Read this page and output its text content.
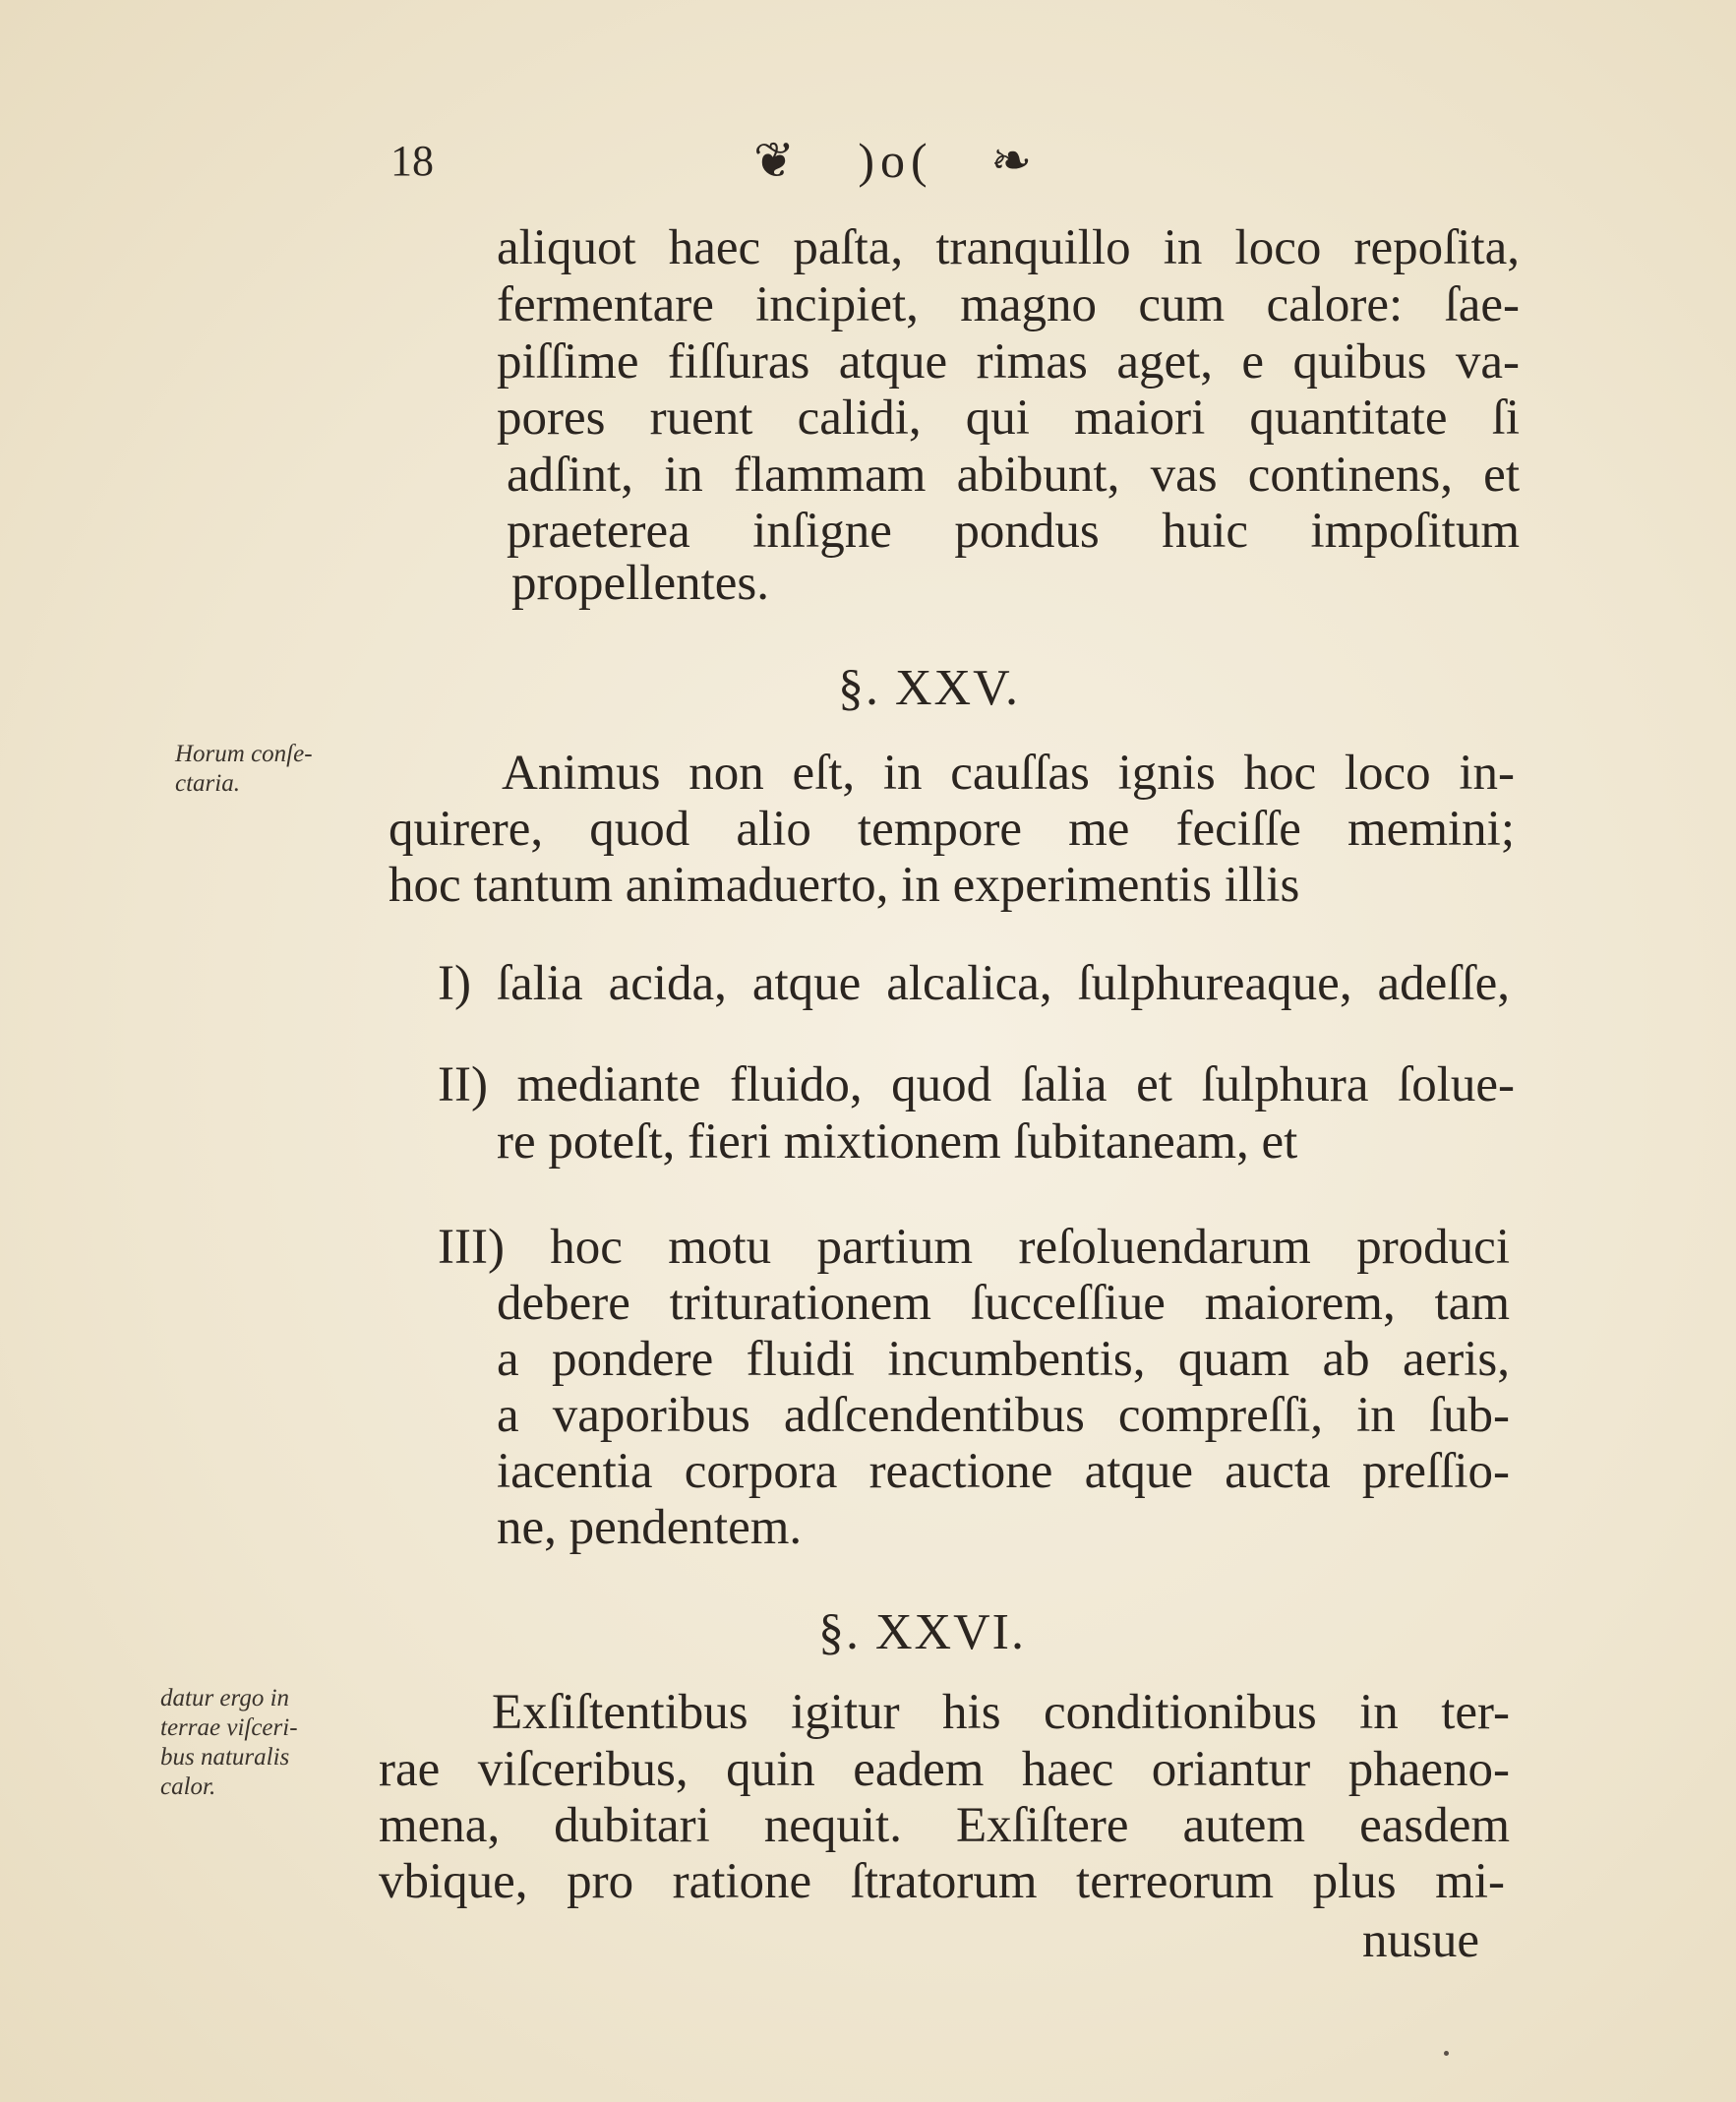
18	❦ )o( ❧
aliquot haec paſta, tranquillo in loco repoſita,
fermentare incipiet, magno cum calore: ſae-
piſſime fiſſuras atque rimas aget, e quibus va-
pores ruent calidi, qui maiori quantitate ſi
adſint, in flammam abibunt, vas continens, et
praeterea inſigne pondus huic impoſitum
propellentes.
§. XXV.
Horum conſe-
ctaria.	Animus non eſt, in cauſſas ignis hoc loco in-
quirere, quod alio tempore me feciſſe memini;
hoc tantum animaduerto, in experimentis illis
I) ſalia acida, atque alcalica, ſulphureaque, adeſſe,
II) mediante fluido, quod ſalia et ſulphura ſolue-
re poteſt, fieri mixtionem ſubitaneam, et
III) hoc motu partium reſoluendarum produci
debere triturationem ſucceſſiue maiorem, tam
a pondere fluidi incumbentis, quam ab aeris,
a vaporibus adſcendentibus compreſſi, in ſub-
iacentia corpora reactione atque aucta preſſio-
ne, pendentem.
§. XXVI.
datur ergo in
terrae viſceri-
bus naturalis
calor.
Exſiſtentibus igitur his conditionibus in ter-
rae viſceribus, quin eadem haec oriantur phaeno-
mena, dubitari nequit. Exſiſtere autem easdem
vbique, pro ratione ſtratorum terreorum plus mi-
nusue
